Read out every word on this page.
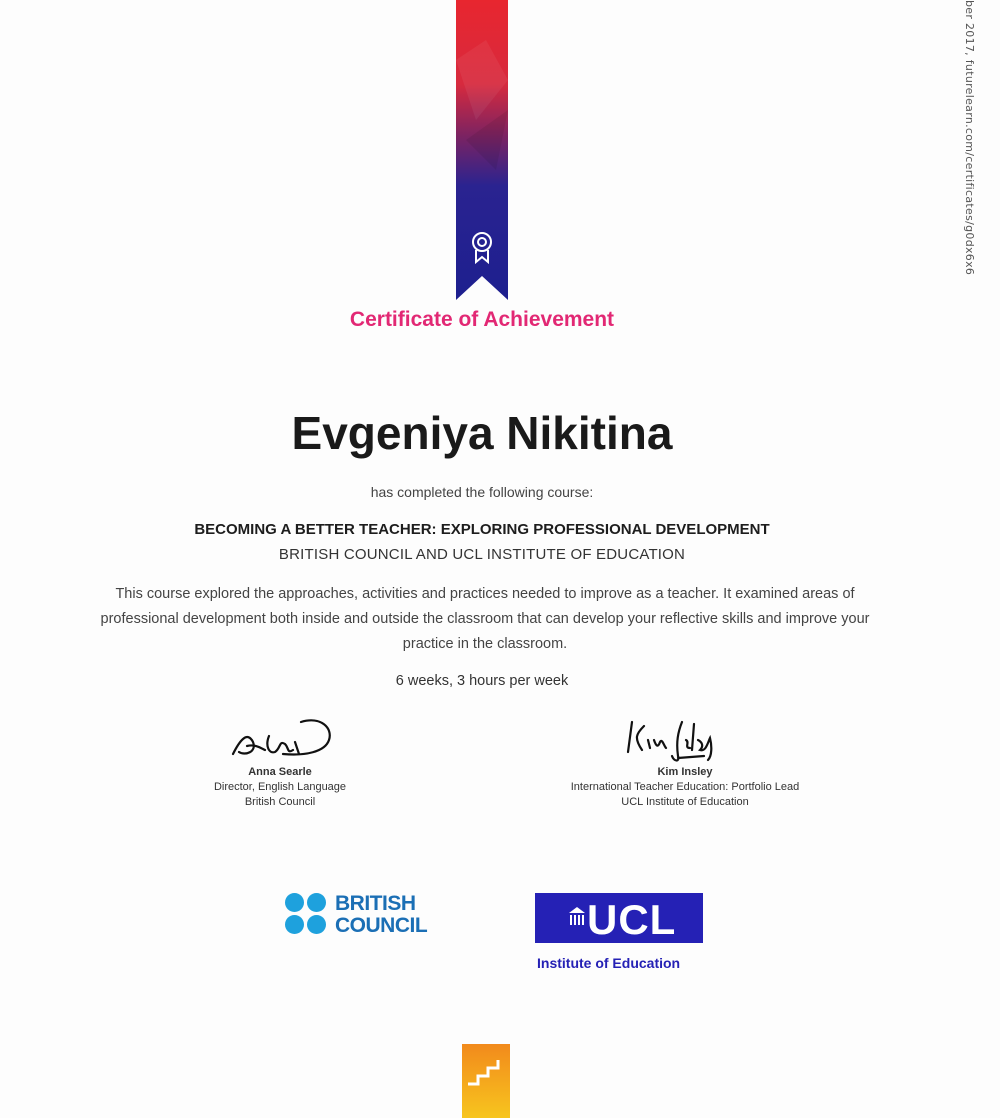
ber 2017, futurelearn.com/certificates/g0dx6x6
Certificate of Achievement
Evgeniya Nikitina
has completed the following course:
BECOMING A BETTER TEACHER: EXPLORING PROFESSIONAL DEVELOPMENT
BRITISH COUNCIL AND UCL INSTITUTE OF EDUCATION
This course explored the approaches, activities and practices needed to improve as a teacher. It examined areas of professional development both inside and outside the classroom that can develop your reflective skills and improve your practice in the classroom.
6 weeks, 3 hours per week
Anna Searle
Director, English Language
British Council
Kim Insley
International Teacher Education: Portfolio Lead
UCL Institute of Education
BRITISH
COUNCIL	UCL
Institute of Education
